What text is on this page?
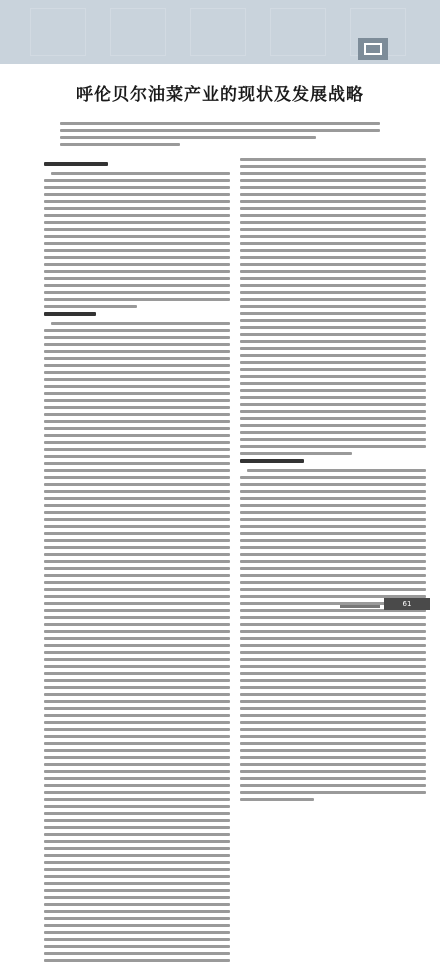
呼伦贝尔油菜产业的现状及发展战略
61
